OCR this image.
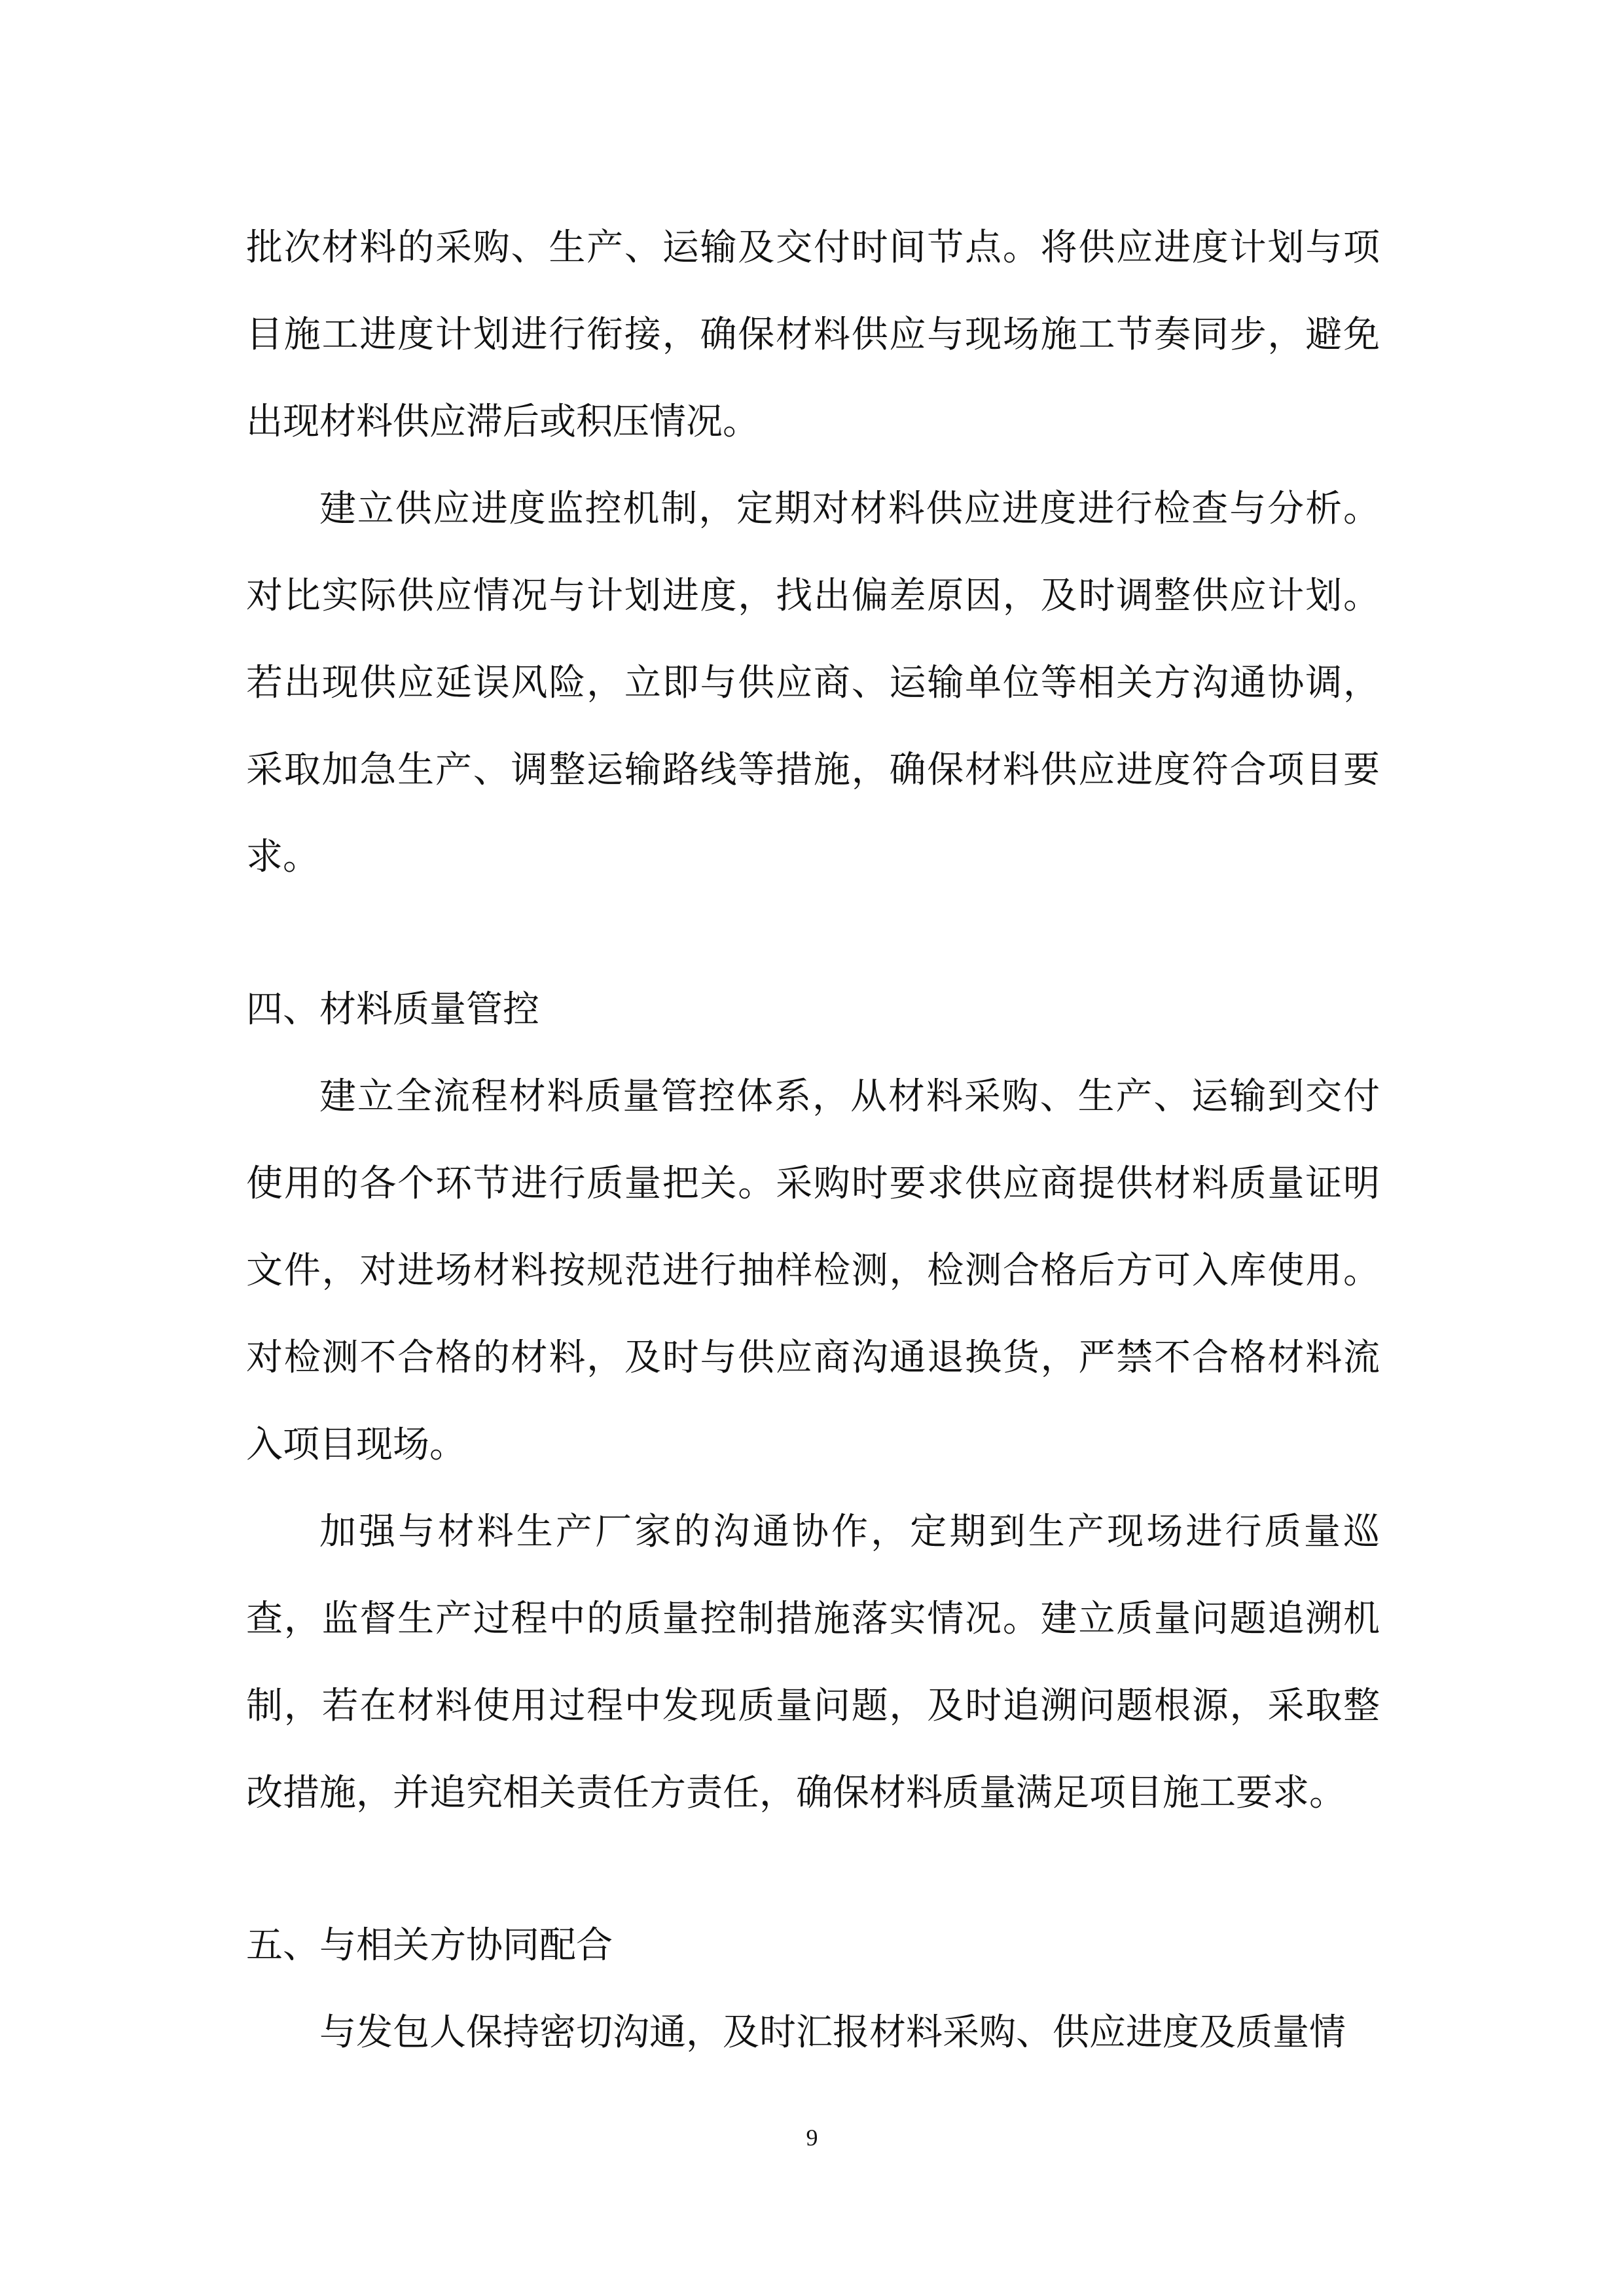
批次材料的采购、生产、运输及交付时间节点。将供应进度计划与项目施工进度计划进行衔接，确保材料供应与现场施工节奏同步，避免出现材料供应滞后或积压情况。

建立供应进度监控机制，定期对材料供应进度进行检查与分析。对比实际供应情况与计划进度，找出偏差原因，及时调整供应计划。若出现供应延误风险，立即与供应商、运输单位等相关方沟通协调，采取加急生产、调整运输路线等措施，确保材料供应进度符合项目要求。

四、材料质量管控

建立全流程材料质量管控体系，从材料采购、生产、运输到交付使用的各个环节进行质量把关。采购时要求供应商提供材料质量证明文件，对进场材料按规范进行抽样检测，检测合格后方可入库使用。对检测不合格的材料，及时与供应商沟通退换货，严禁不合格材料流入项目现场。

加强与材料生产厂家的沟通协作，定期到生产现场进行质量巡查，监督生产过程中的质量控制措施落实情况。建立质量问题追溯机制，若在材料使用过程中发现质量问题，及时追溯问题根源，采取整改措施，并追究相关责任方责任，确保材料质量满足项目施工要求。

五、与相关方协同配合

与发包人保持密切沟通，及时汇报材料采购、供应进度及质量情

9
